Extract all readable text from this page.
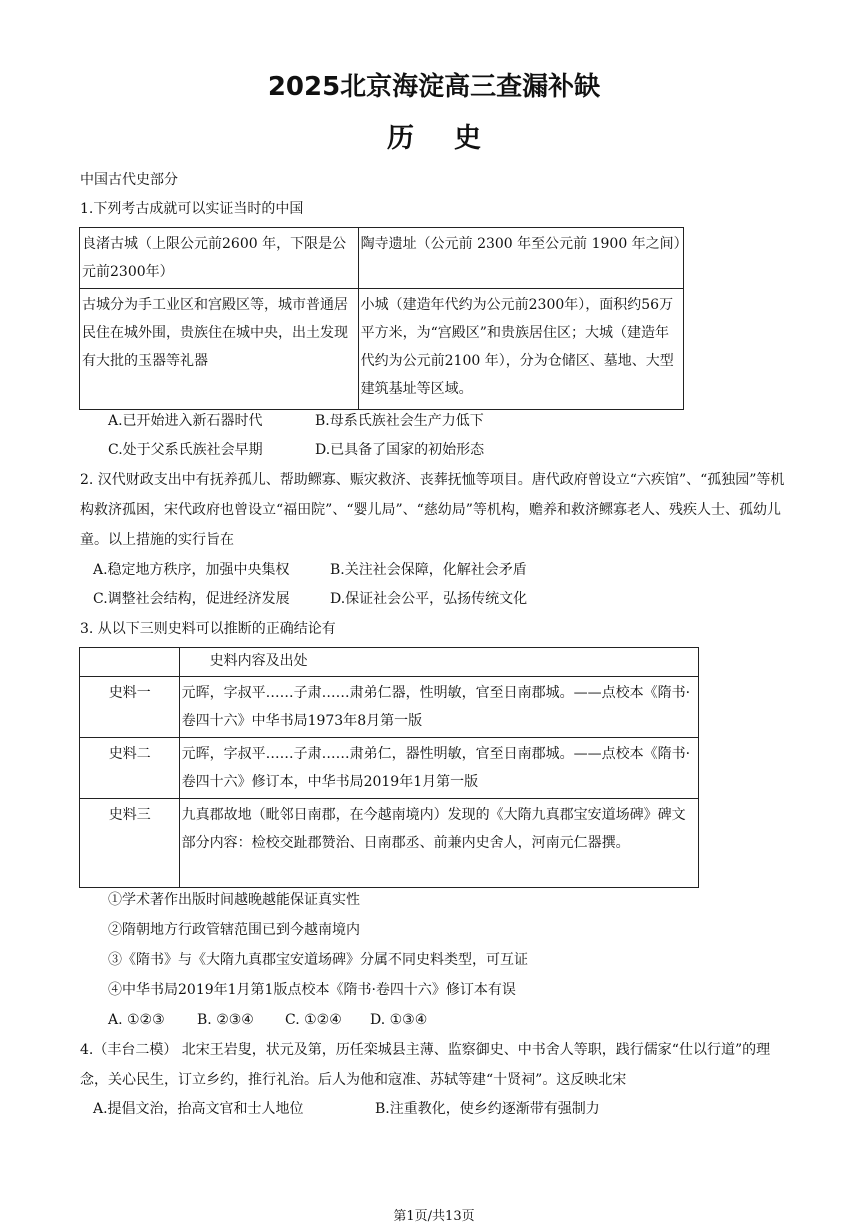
2025北京海淀高三查漏补缺
历史
中国古代史部分
1.下列考古成就可以实证当时的中国
良渚古城（上限公元前2600 年，下限是公元前2300年）	陶寺遗址（公元前 2300 年至公元前 1900 年之间）
古城分为手工业区和宫殿区等，城市普通居民住在城外围，贵族住在城中央，出土发现有大批的玉器等礼器	小城（建造年代约为公元前2300年），面积约56万平方米，为“宫殿区”和贵族居住区；大城（建造年代约为公元前2100 年），分为仓储区、墓地、大型建筑基址等区域。
A.已开始进入新石器时代	B.母系氏族社会生产力低下
C.处于父系氏族社会早期	D.已具备了国家的初始形态
2. 汉代财政支出中有抚养孤儿、帮助鳏寡、赈灾救济、丧葬抚恤等项目。唐代政府曾设立“六疾馆”、“孤独园”等机构救济孤困，宋代政府也曾设立“福田院”、“婴儿局”、“慈幼局”等机构，赡养和救济鳏寡老人、残疾人士、孤幼儿童。以上措施的实行旨在
A.稳定地方秩序，加强中央集权	B.关注社会保障，化解社会矛盾
C.调整社会结构，促进经济发展	D.保证社会公平，弘扬传统文化
3. 从以下三则史料可以推断的正确结论有
	史料内容及出处
史料一	元晖，字叔平……子肃……肃弟仁器，性明敏，官至日南郡城。——点校本《隋书·卷四十六》中华书局1973年8月第一版
史料二	元晖，字叔平……子肃……肃弟仁，器性明敏，官至日南郡城。——点校本《隋书·卷四十六》修订本，中华书局2019年1月第一版
史料三	九真郡故地（毗邻日南郡，在今越南境内）发现的《大隋九真郡宝安道场碑》碑文部分内容：检校交趾郡赞治、日南郡丞、前兼内史舍人，河南元仁器撰。
①学术著作出版时间越晚越能保证真实性
②隋朝地方行政管辖范围已到今越南境内
③《隋书》与《大隋九真郡宝安道场碑》分属不同史料类型，可互证
④中华书局2019年1月第1版点校本《隋书·卷四十六》修订本有误
A. ①②③ B. ②③④ C. ①②④ D. ①③④
4.（丰台二模） 北宋王岩叟，状元及第，历任栾城县主薄、监察御史、中书舍人等职，践行儒家“仕以行道”的理念，关心民生，订立乡约，推行礼治。后人为他和寇准、苏轼等建“十贤祠”。这反映北宋
A.提倡文治，抬高文官和士人地位	B.注重教化，使乡约逐渐带有强制力
第1页/共13页
